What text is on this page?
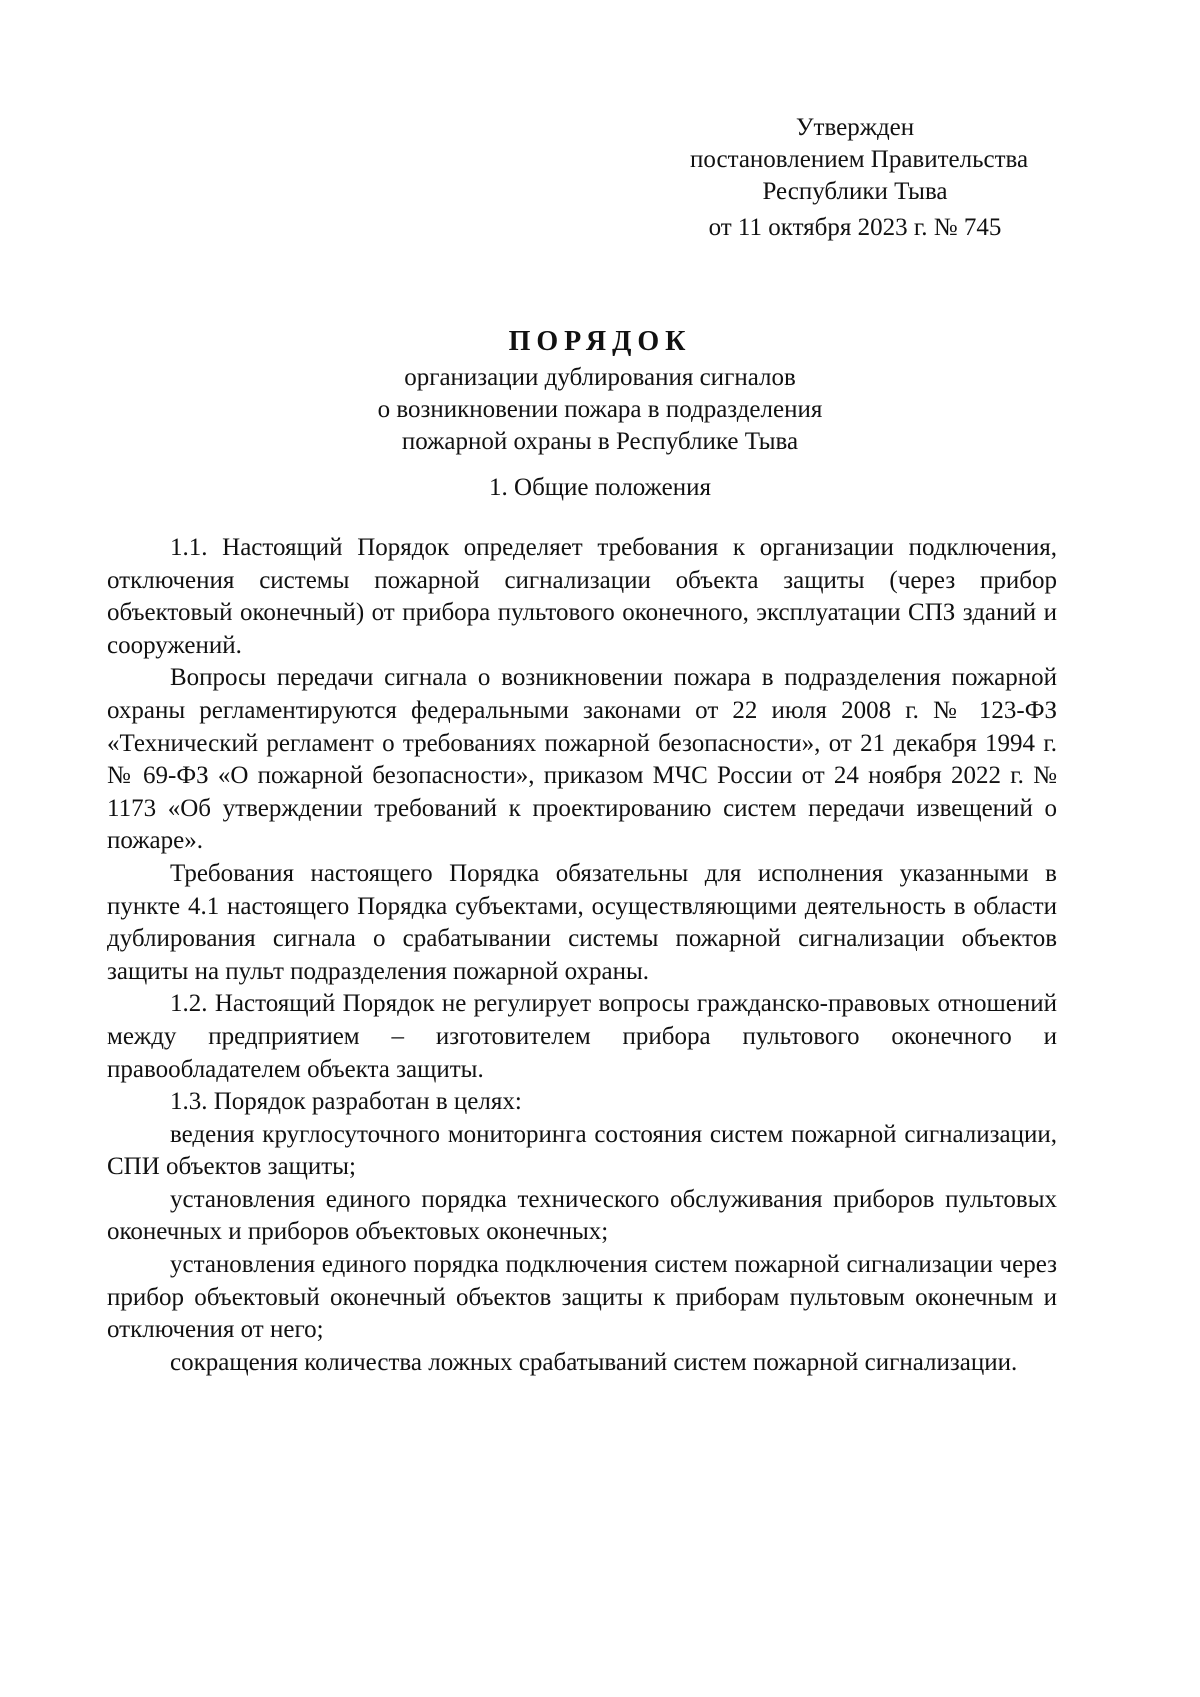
Утвержден
постановлением Правительства
Республики Тыва
от 11 октября 2023 г. № 745

ПОРЯДОК

организации дублирования сигналов
о возникновении пожара в подразделения
пожарной охраны в Республике Тыва

1. Общие положения

1.1. Настоящий Порядок определяет требования к организации подключения, отключения системы пожарной сигнализации объекта защиты (через прибор объектовый оконечный) от прибора пультового оконечного, эксплуатации СПЗ зданий и сооружений.

Вопросы передачи сигнала о возникновении пожара в подразделения пожарной охраны регламентируются федеральными законами от 22 июля 2008 г. № 123-ФЗ «Технический регламент о требованиях пожарной безопасности», от 21 декабря 1994 г. № 69-ФЗ «О пожарной безопасности», приказом МЧС России от 24 ноября 2022 г. № 1173 «Об утверждении требований к проектированию систем передачи извещений о пожаре».

Требования настоящего Порядка обязательны для исполнения указанными в пункте 4.1 настоящего Порядка субъектами, осуществляющими деятельность в области дублирования сигнала о срабатывании системы пожарной сигнализации объектов защиты на пульт подразделения пожарной охраны.

1.2. Настоящий Порядок не регулирует вопросы гражданско-правовых отношений между предприятием – изготовителем прибора пультового оконечного и правообладателем объекта защиты.

1.3. Порядок разработан в целях:

ведения круглосуточного мониторинга состояния систем пожарной сигнализации, СПИ объектов защиты;

установления единого порядка технического обслуживания приборов пультовых оконечных и приборов объектовых оконечных;

установления единого порядка подключения систем пожарной сигнализации через прибор объектовый оконечный объектов защиты к приборам пультовым оконечным и отключения от него;

сокращения количества ложных срабатываний систем пожарной сигнализации.
